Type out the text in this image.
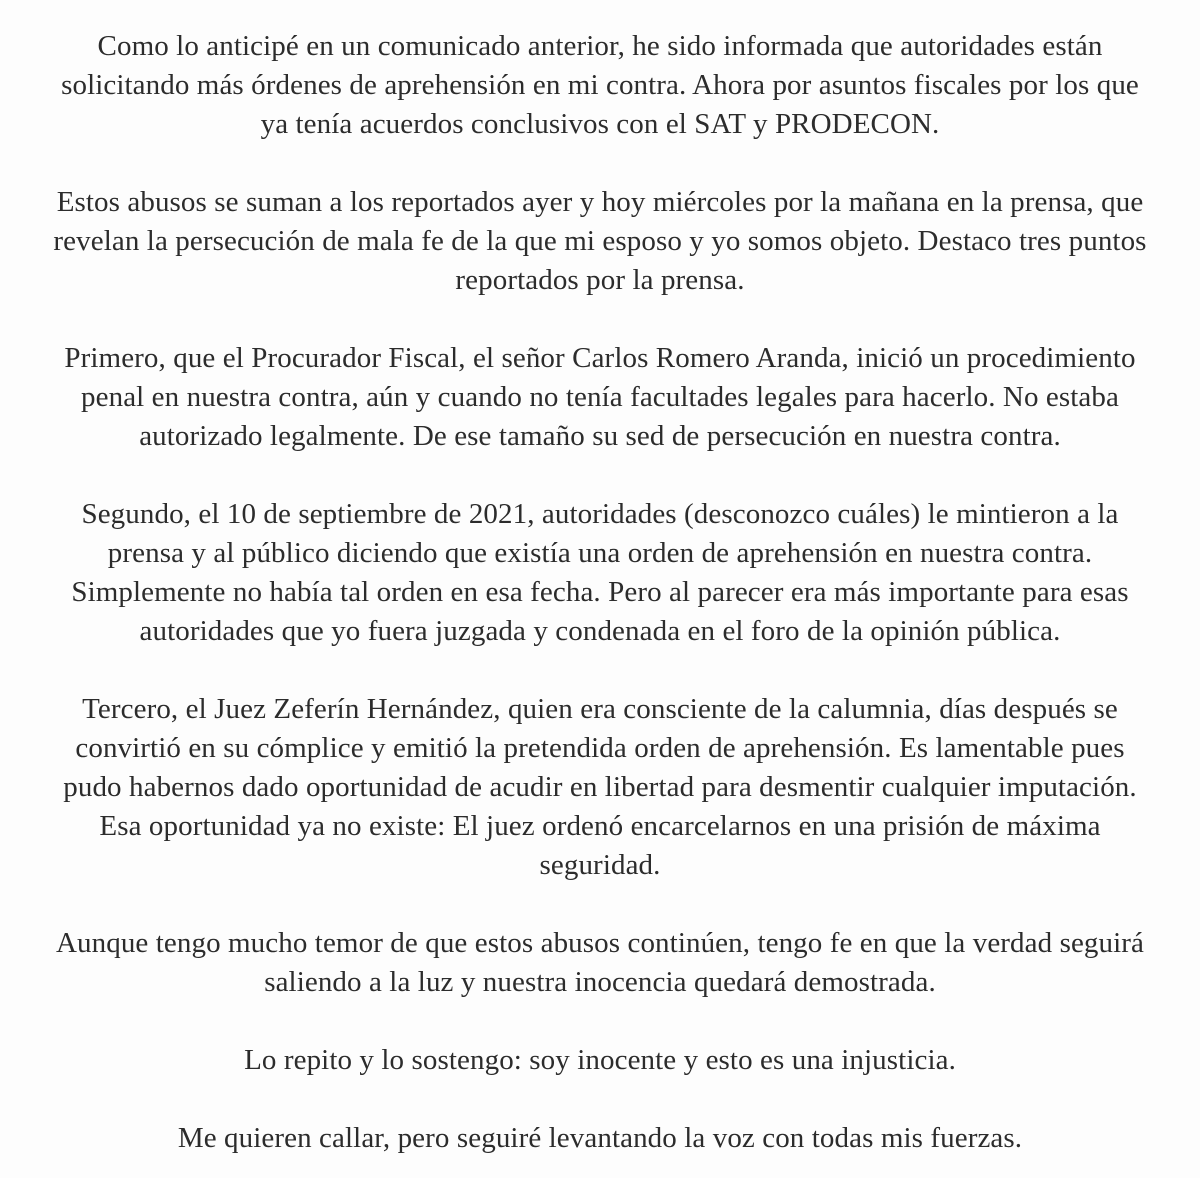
Como lo anticipé en un comunicado anterior, he sido informada que autoridades están solicitando más órdenes de aprehensión en mi contra. Ahora por asuntos fiscales por los que ya tenía acuerdos conclusivos con el SAT y PRODECON.

Estos abusos se suman a los reportados ayer y hoy miércoles por la mañana en la prensa, que revelan la persecución de mala fe de la que mi esposo y yo somos objeto. Destaco tres puntos reportados por la prensa.

Primero, que el Procurador Fiscal, el señor Carlos Romero Aranda, inició un procedimiento penal en nuestra contra, aún y cuando no tenía facultades legales para hacerlo. No estaba autorizado legalmente. De ese tamaño su sed de persecución en nuestra contra.

Segundo, el 10 de septiembre de 2021, autoridades (desconozco cuáles) le mintieron a la prensa y al público diciendo que existía una orden de aprehensión en nuestra contra. Simplemente no había tal orden en esa fecha. Pero al parecer era más importante para esas autoridades que yo fuera juzgada y condenada en el foro de la opinión pública.

Tercero, el Juez Zeferín Hernández, quien era consciente de la calumnia, días después se convirtió en su cómplice y emitió la pretendida orden de aprehensión. Es lamentable pues pudo habernos dado oportunidad de acudir en libertad para desmentir cualquier imputación. Esa oportunidad ya no existe: El juez ordenó encarcelarnos en una prisión de máxima seguridad.

Aunque tengo mucho temor de que estos abusos continúen, tengo fe en que la verdad seguirá saliendo a la luz y nuestra inocencia quedará demostrada.

Lo repito y lo sostengo: soy inocente y esto es una injusticia.

Me quieren callar, pero seguiré levantando la voz con todas mis fuerzas.
